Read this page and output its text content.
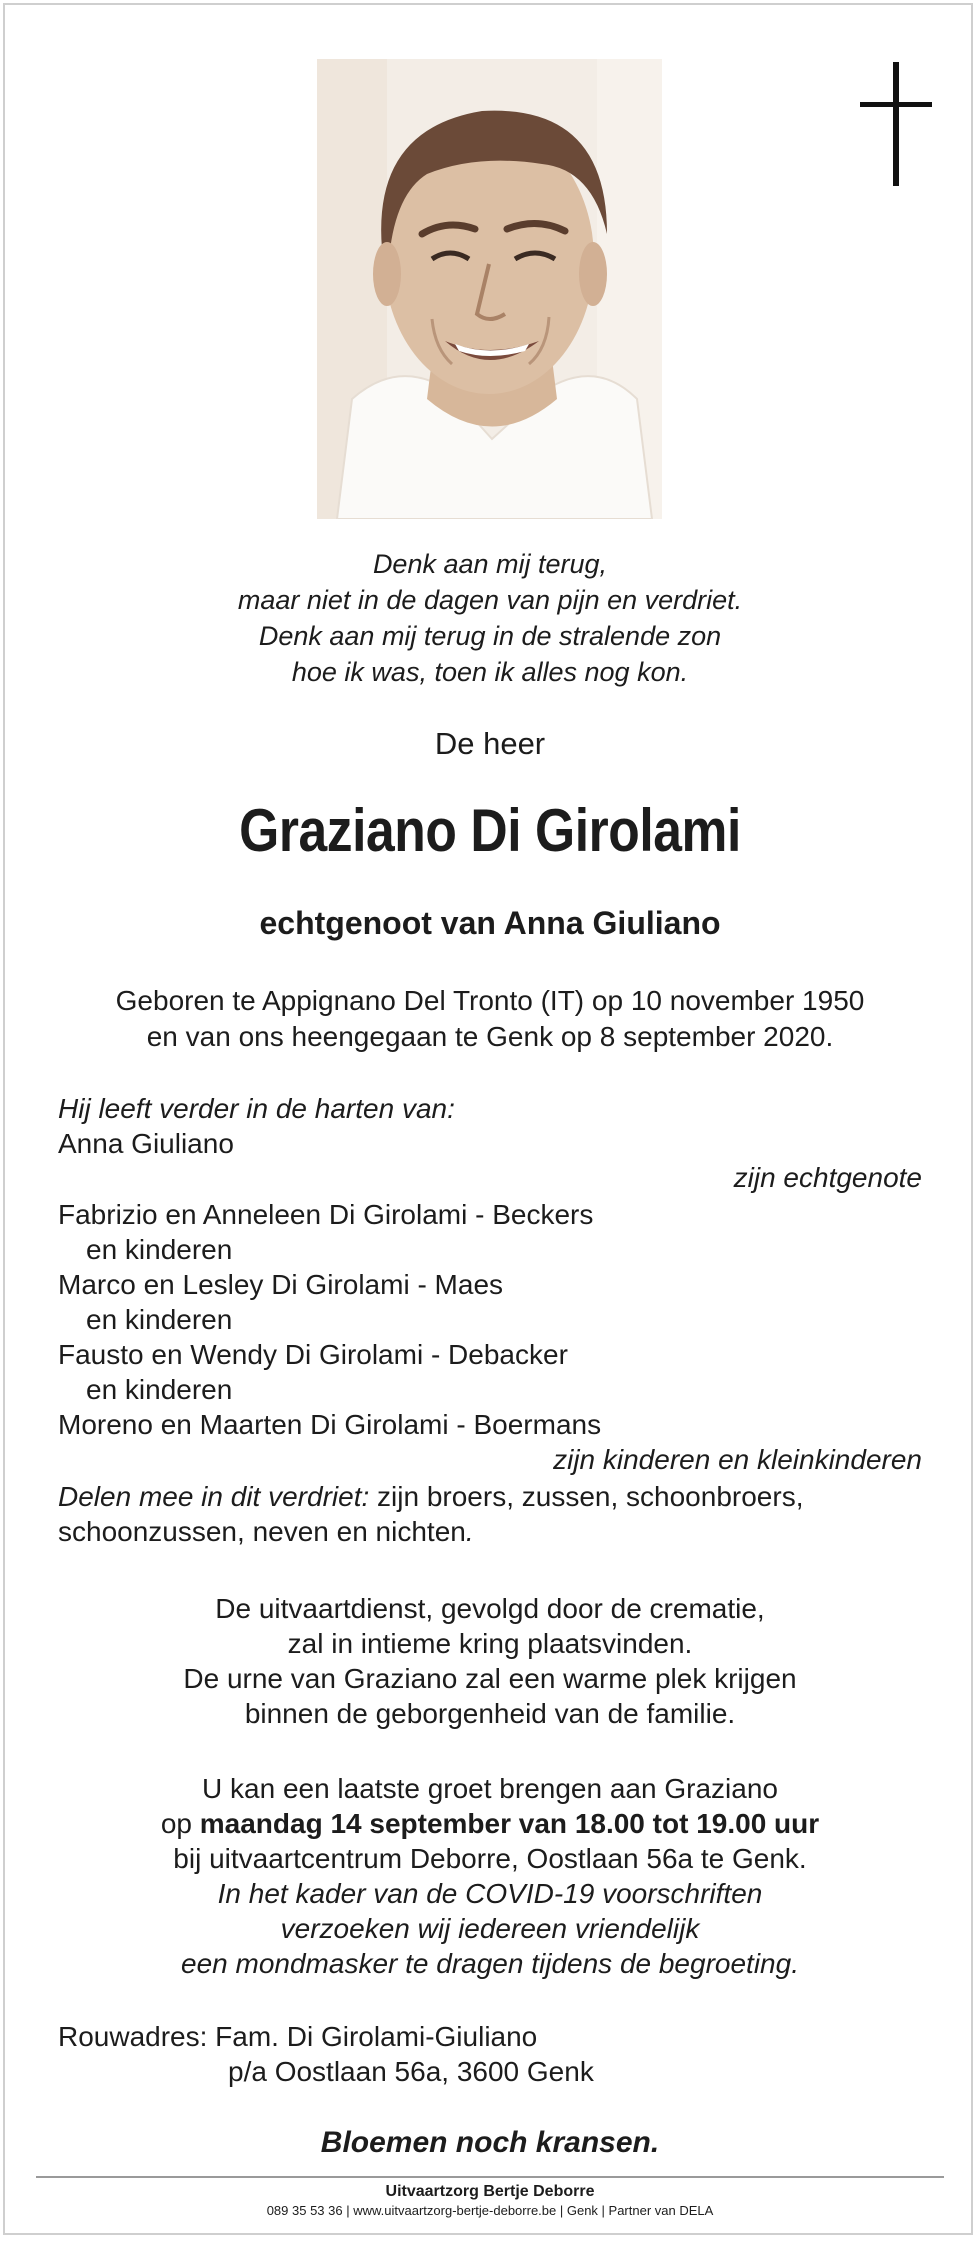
Denk aan mij terug,
maar niet in de dagen van pijn en verdriet.
Denk aan mij terug in de stralende zon
hoe ik was, toen ik alles nog kon.
De heer
Graziano Di Girolami
echtgenoot van Anna Giuliano
Geboren te Appignano Del Tronto (IT) op 10 november 1950
en van ons heengegaan te Genk op 8 september 2020.
Hij leeft verder in de harten van:
Anna Giuliano
zijn echtgenote
Fabrizio en Anneleen Di Girolami - Beckers
en kinderen
Marco en Lesley Di Girolami - Maes
en kinderen
Fausto en Wendy Di Girolami - Debacker
en kinderen
Moreno en Maarten Di Girolami - Boermans
zijn kinderen en kleinkinderen
Delen mee in dit verdriet: zijn broers, zussen, schoonbroers,
schoonzussen, neven en nichten.
De uitvaartdienst, gevolgd door de crematie,
zal in intieme kring plaatsvinden.
De urne van Graziano zal een warme plek krijgen
binnen de geborgenheid van de familie.
U kan een laatste groet brengen aan Graziano
op maandag 14 september van 18.00 tot 19.00 uur
bij uitvaartcentrum Deborre, Oostlaan 56a te Genk.
In het kader van de COVID-19 voorschriften
verzoeken wij iedereen vriendelijk
een mondmasker te dragen tijdens de begroeting.
Rouwadres: Fam. Di Girolami-Giuliano
p/a Oostlaan 56a, 3600 Genk
Bloemen noch kransen.
Uitvaartzorg Bertje Deborre
089 35 53 36 | www.uitvaartzorg-bertje-deborre.be | Genk | Partner van DELA
